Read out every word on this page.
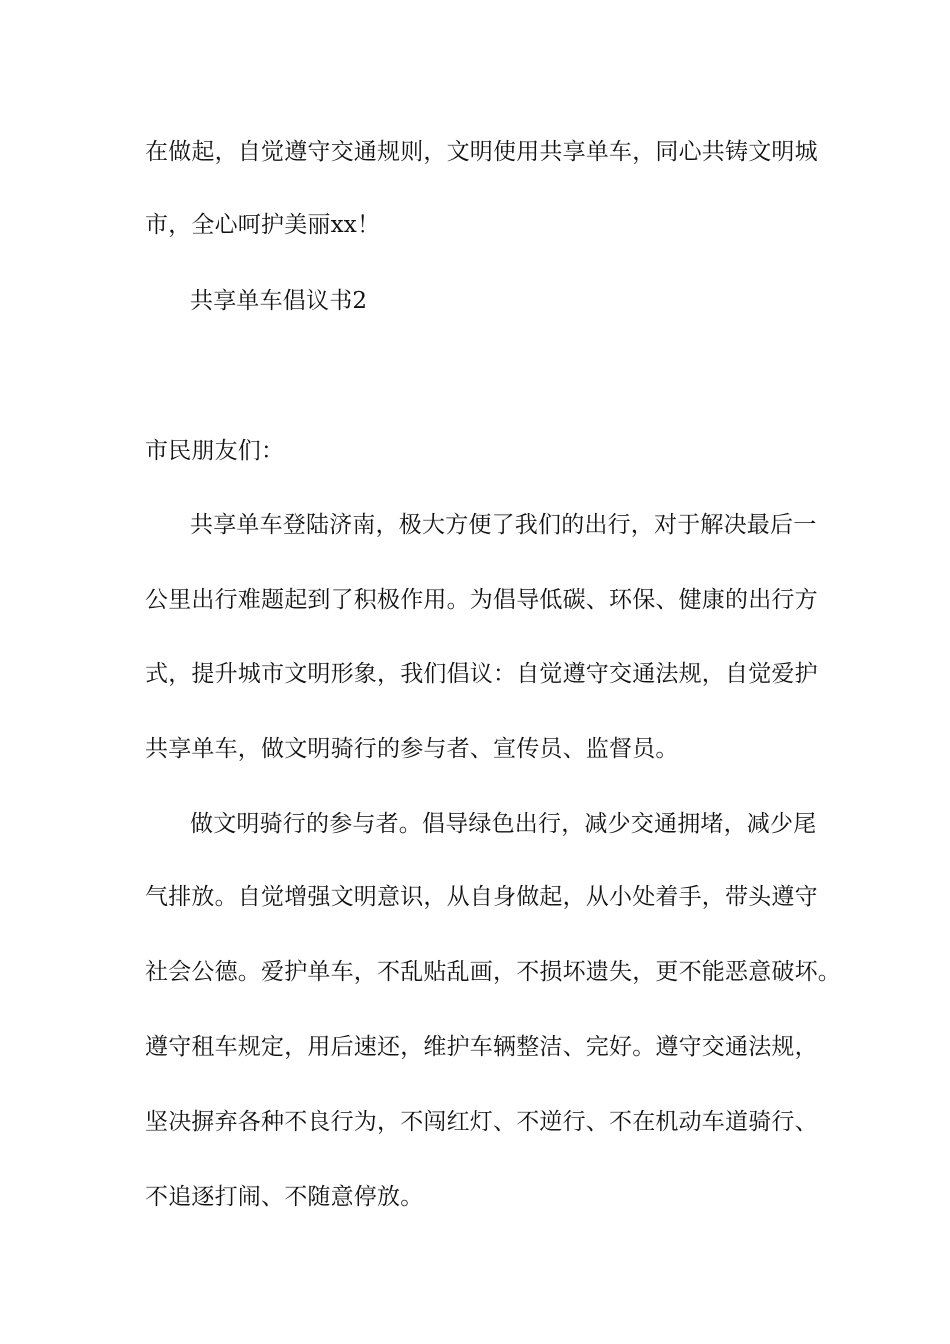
在做起，自觉遵守交通规则，文明使用共享单车，同心共铸文明城
市，全心呵护美丽xx！
共享单车倡议书2
市民朋友们：
共享单车登陆济南，极大方便了我们的出行，对于解决最后一
公里出行难题起到了积极作用。为倡导低碳、环保、健康的出行方
式，提升城市文明形象，我们倡议：自觉遵守交通法规，自觉爱护
共享单车，做文明骑行的参与者、宣传员、监督员。
做文明骑行的参与者。倡导绿色出行，减少交通拥堵，减少尾
气排放。自觉增强文明意识，从自身做起，从小处着手，带头遵守
社会公德。爱护单车，不乱贴乱画，不损坏遗失，更不能恶意破坏。
遵守租车规定，用后速还，维护车辆整洁、完好。遵守交通法规，
坚决摒弃各种不良行为，不闯红灯、不逆行、不在机动车道骑行、
不追逐打闹、不随意停放。
